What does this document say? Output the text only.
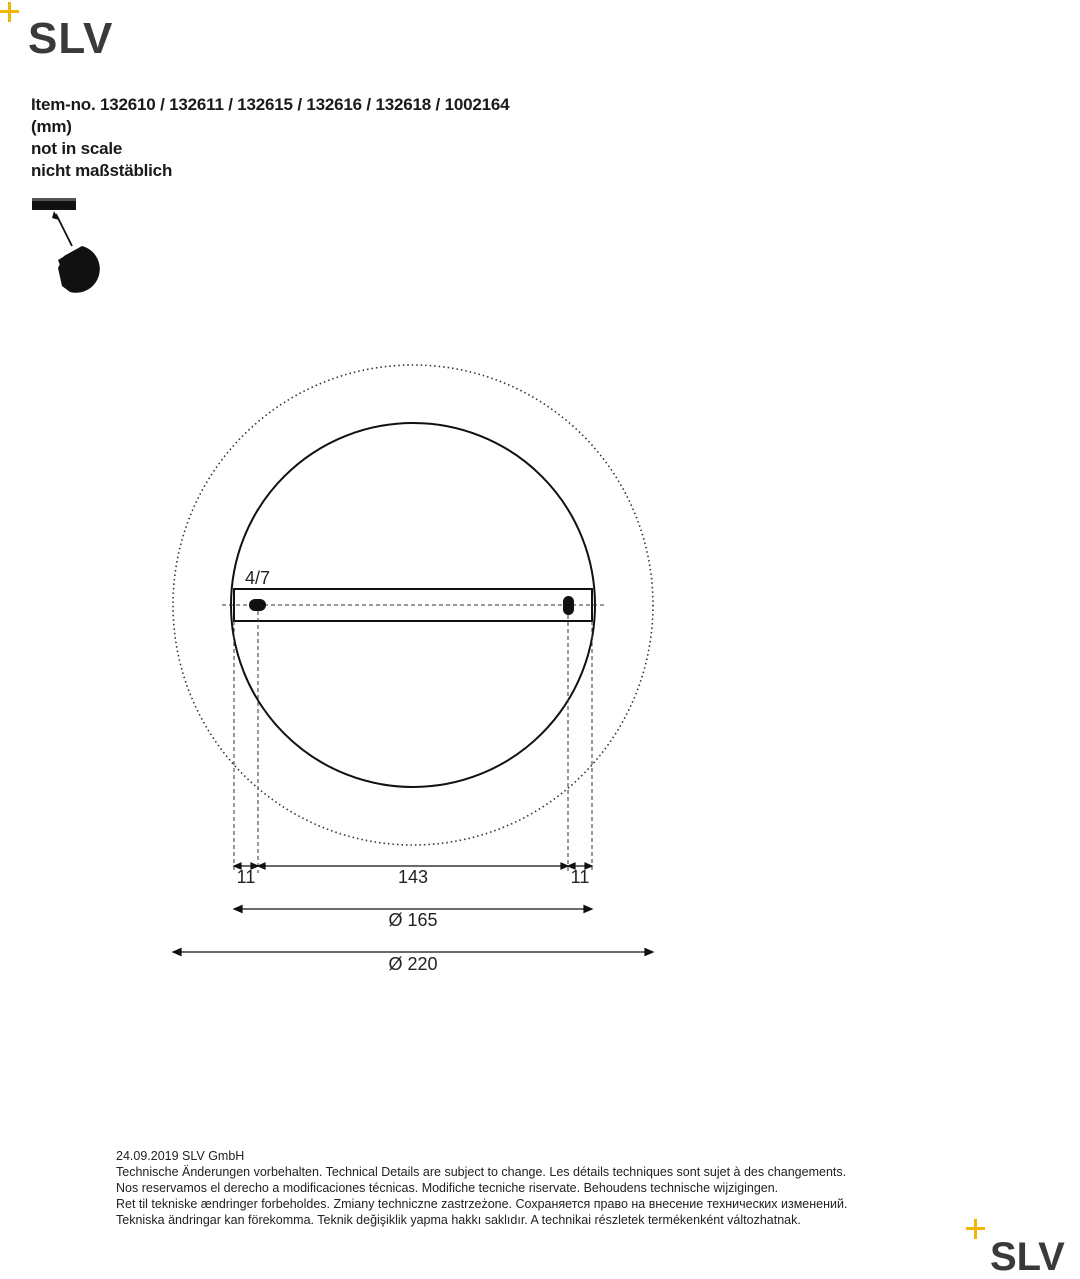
SLV
Item-no. 132610 / 132611 / 132615 / 132616 / 132618 / 1002164
(mm)
not in scale
nicht maßstäblich
4/7
11	143	11
Ø 165
Ø 220
24.09.2019 SLV GmbH
Technische Änderungen vorbehalten. Technical Details are subject to change. Les détails techniques sont sujet à des changements.
Nos reservamos el derecho a modificaciones técnicas. Modifiche tecniche riservate. Behoudens technische wijzigingen.
Ret til tekniske ændringer forbeholdes. Zmiany techniczne zastrzeżone. Сохраняется право на внесение технических изменений.
Tekniska ändringar kan förekomma. Teknik değişiklik yapma hakkı saklıdır. A technikai részletek termékenként változhatnak.
SLV
